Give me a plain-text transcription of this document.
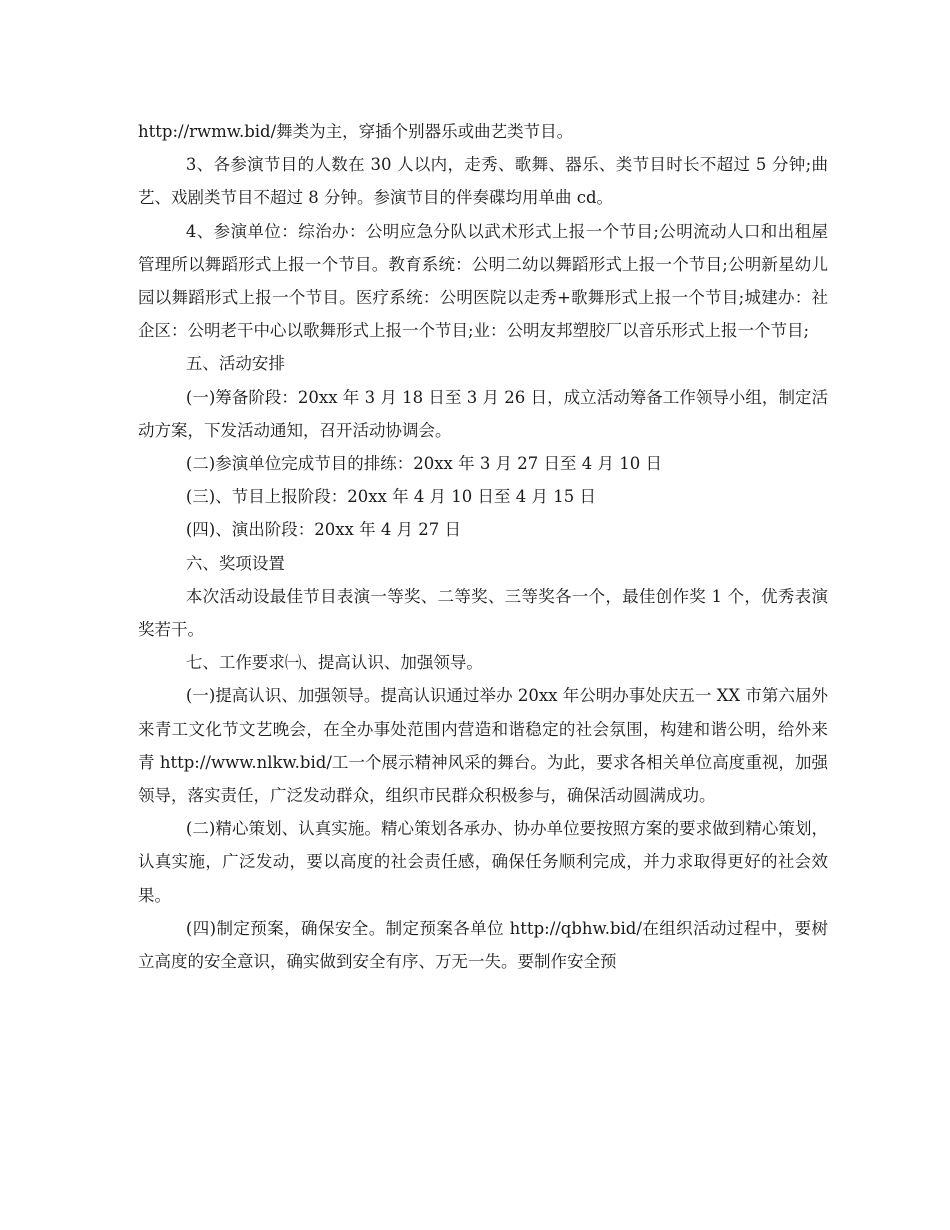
http://rwmw.bid/舞类为主，穿插个别器乐或曲艺类节目。

3、各参演节目的人数在 30 人以内，走秀、歌舞、器乐、类节目时长不超过 5 分钟;曲艺、戏剧类节目不超过 8 分钟。参演节目的伴奏碟均用单曲 cd。

4、参演单位：综治办：公明应急分队以武术形式上报一个节目;公明流动人口和出租屋管理所以舞蹈形式上报一个节目。教育系统：公明二幼以舞蹈形式上报一个节目;公明新星幼儿园以舞蹈形式上报一个节目。医疗系统：公明医院以走秀+歌舞形式上报一个节目;城建办：社企区：公明老干中心以歌舞形式上报一个节目;业：公明友邦塑胶厂以音乐形式上报一个节目;

五、活动安排

(一)筹备阶段：20xx 年 3 月 18 日至 3 月 26 日，成立活动筹备工作领导小组，制定活动方案，下发活动通知，召开活动协调会。

(二)参演单位完成节目的排练：20xx 年 3 月 27 日至 4 月 10 日

(三)、节目上报阶段：20xx 年 4 月 10 日至 4 月 15 日

(四)、演出阶段：20xx 年 4 月 27 日

六、奖项设置

本次活动设最佳节目表演一等奖、二等奖、三等奖各一个，最佳创作奖 1 个，优秀表演奖若干。

七、工作要求㈠、提高认识、加强领导。

(一)提高认识、加强领导。提高认识通过举办 20xx 年公明办事处庆五一 XX 市第六届外来青工文化节文艺晚会，在全办事处范围内营造和谐稳定的社会氛围，构建和谐公明，给外来青 http://www.nlkw.bid/工一个展示精神风采的舞台。为此，要求各相关单位高度重视，加强领导，落实责任，广泛发动群众，组织市民群众积极参与，确保活动圆满成功。

(二)精心策划、认真实施。精心策划各承办、协办单位要按照方案的要求做到精心策划，认真实施，广泛发动，要以高度的社会责任感，确保任务顺利完成，并力求取得更好的社会效果。

(四)制定预案，确保安全。制定预案各单位 http://qbhw.bid/在组织活动过程中，要树立高度的安全意识，确实做到安全有序、万无一失。要制作安全预
